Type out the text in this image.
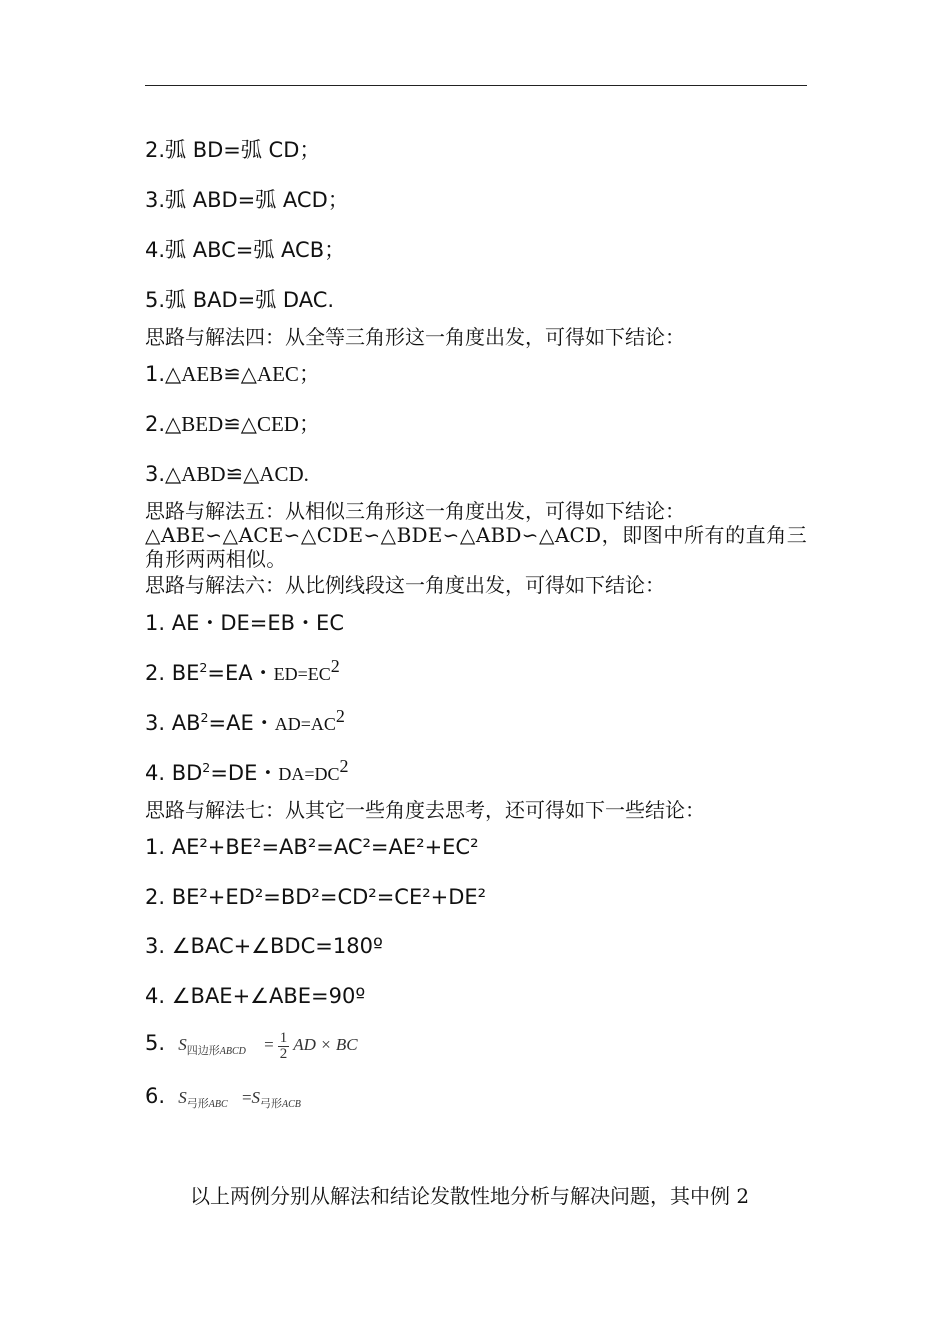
2.弧 BD=弧 CD；
3.弧 ABD=弧 ACD；
4.弧 ABC=弧 ACB；
5.弧 BAD=弧 DAC.
思路与解法四：从全等三角形这一角度出发，可得如下结论：
1.△AEB≌△AEC；
2.△BED≌△CED；
3.△ABD≌△ACD.
思路与解法五：从相似三角形这一角度出发，可得如下结论：
△ABE∽△ACE∽△CDE∽△BDE∽△ABD∽△ACD，即图中所有的直角三角形两两相似。
思路与解法六：从比例线段这一角度出发，可得如下结论：
1. AE・DE=EB・EC
2. $BE^2=EA$・$ED=EC^2$
3. $AB^2=AE$・$AD=AC^2$
4. $BD^2=DE$・$DA=DC^2$
思路与解法七：从其它一些角度去思考，还可得如下一些结论：
1. AE²+BE²=AB²=AC²=AE²+EC²
2. BE²+ED²=BD²=CD²=CE²+DE²
3. ∠BAC+∠BDC=180º
4. ∠BAE+∠ABE=90º
5. $S_{四边形ABCD} = \frac{1}{2}$ AD × BC
6. $S_{弓形ABC} =S_{弓形ACB}$
以上两例分别从解法和结论发散性地分析与解决问题，其中例 2
